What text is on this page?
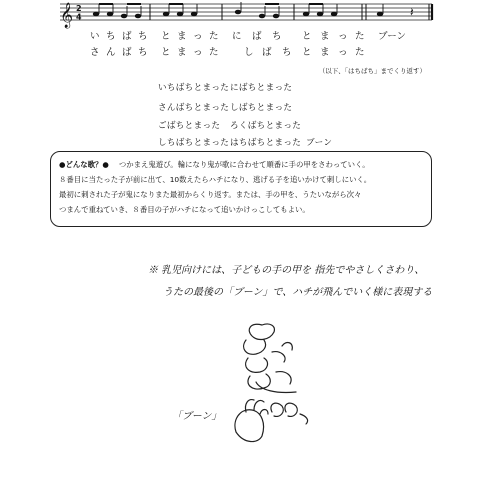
𝄞 2
4	𝄽
い ち ば ち と ま っ た に ば ち と ま っ た ブーン
さ ん ば ち と ま っ た	し ば ち と ま っ た
（以下、「はちばち」までくり返す）
いちばちとまった にばちとまった
さんばちとまった しばちとまった
ごばちとまった ろくばちとまった
しちばちとまった はちばちとまった ブーン

●どんな歌？● つかまえ鬼遊び。輪になり鬼が歌に合わせて順番に手の甲をさわっていく。

８番目に当たった子が前に出て、10数えたらハチになり、逃げる子を追いかけて刺しにいく。

最初に刺された子が鬼になりまた最初からくり返す。または、手の甲を、うたいながら次々

つまんで重ねていき、８番目の子がハチになって追いかけっこしてもよい。

※ 乳児向けには、子どもの手の甲を 指先でやさしくさわり、
うたの最後の「ブーン」で、ハチが飛んでいく様に表現する
「ブーン」
